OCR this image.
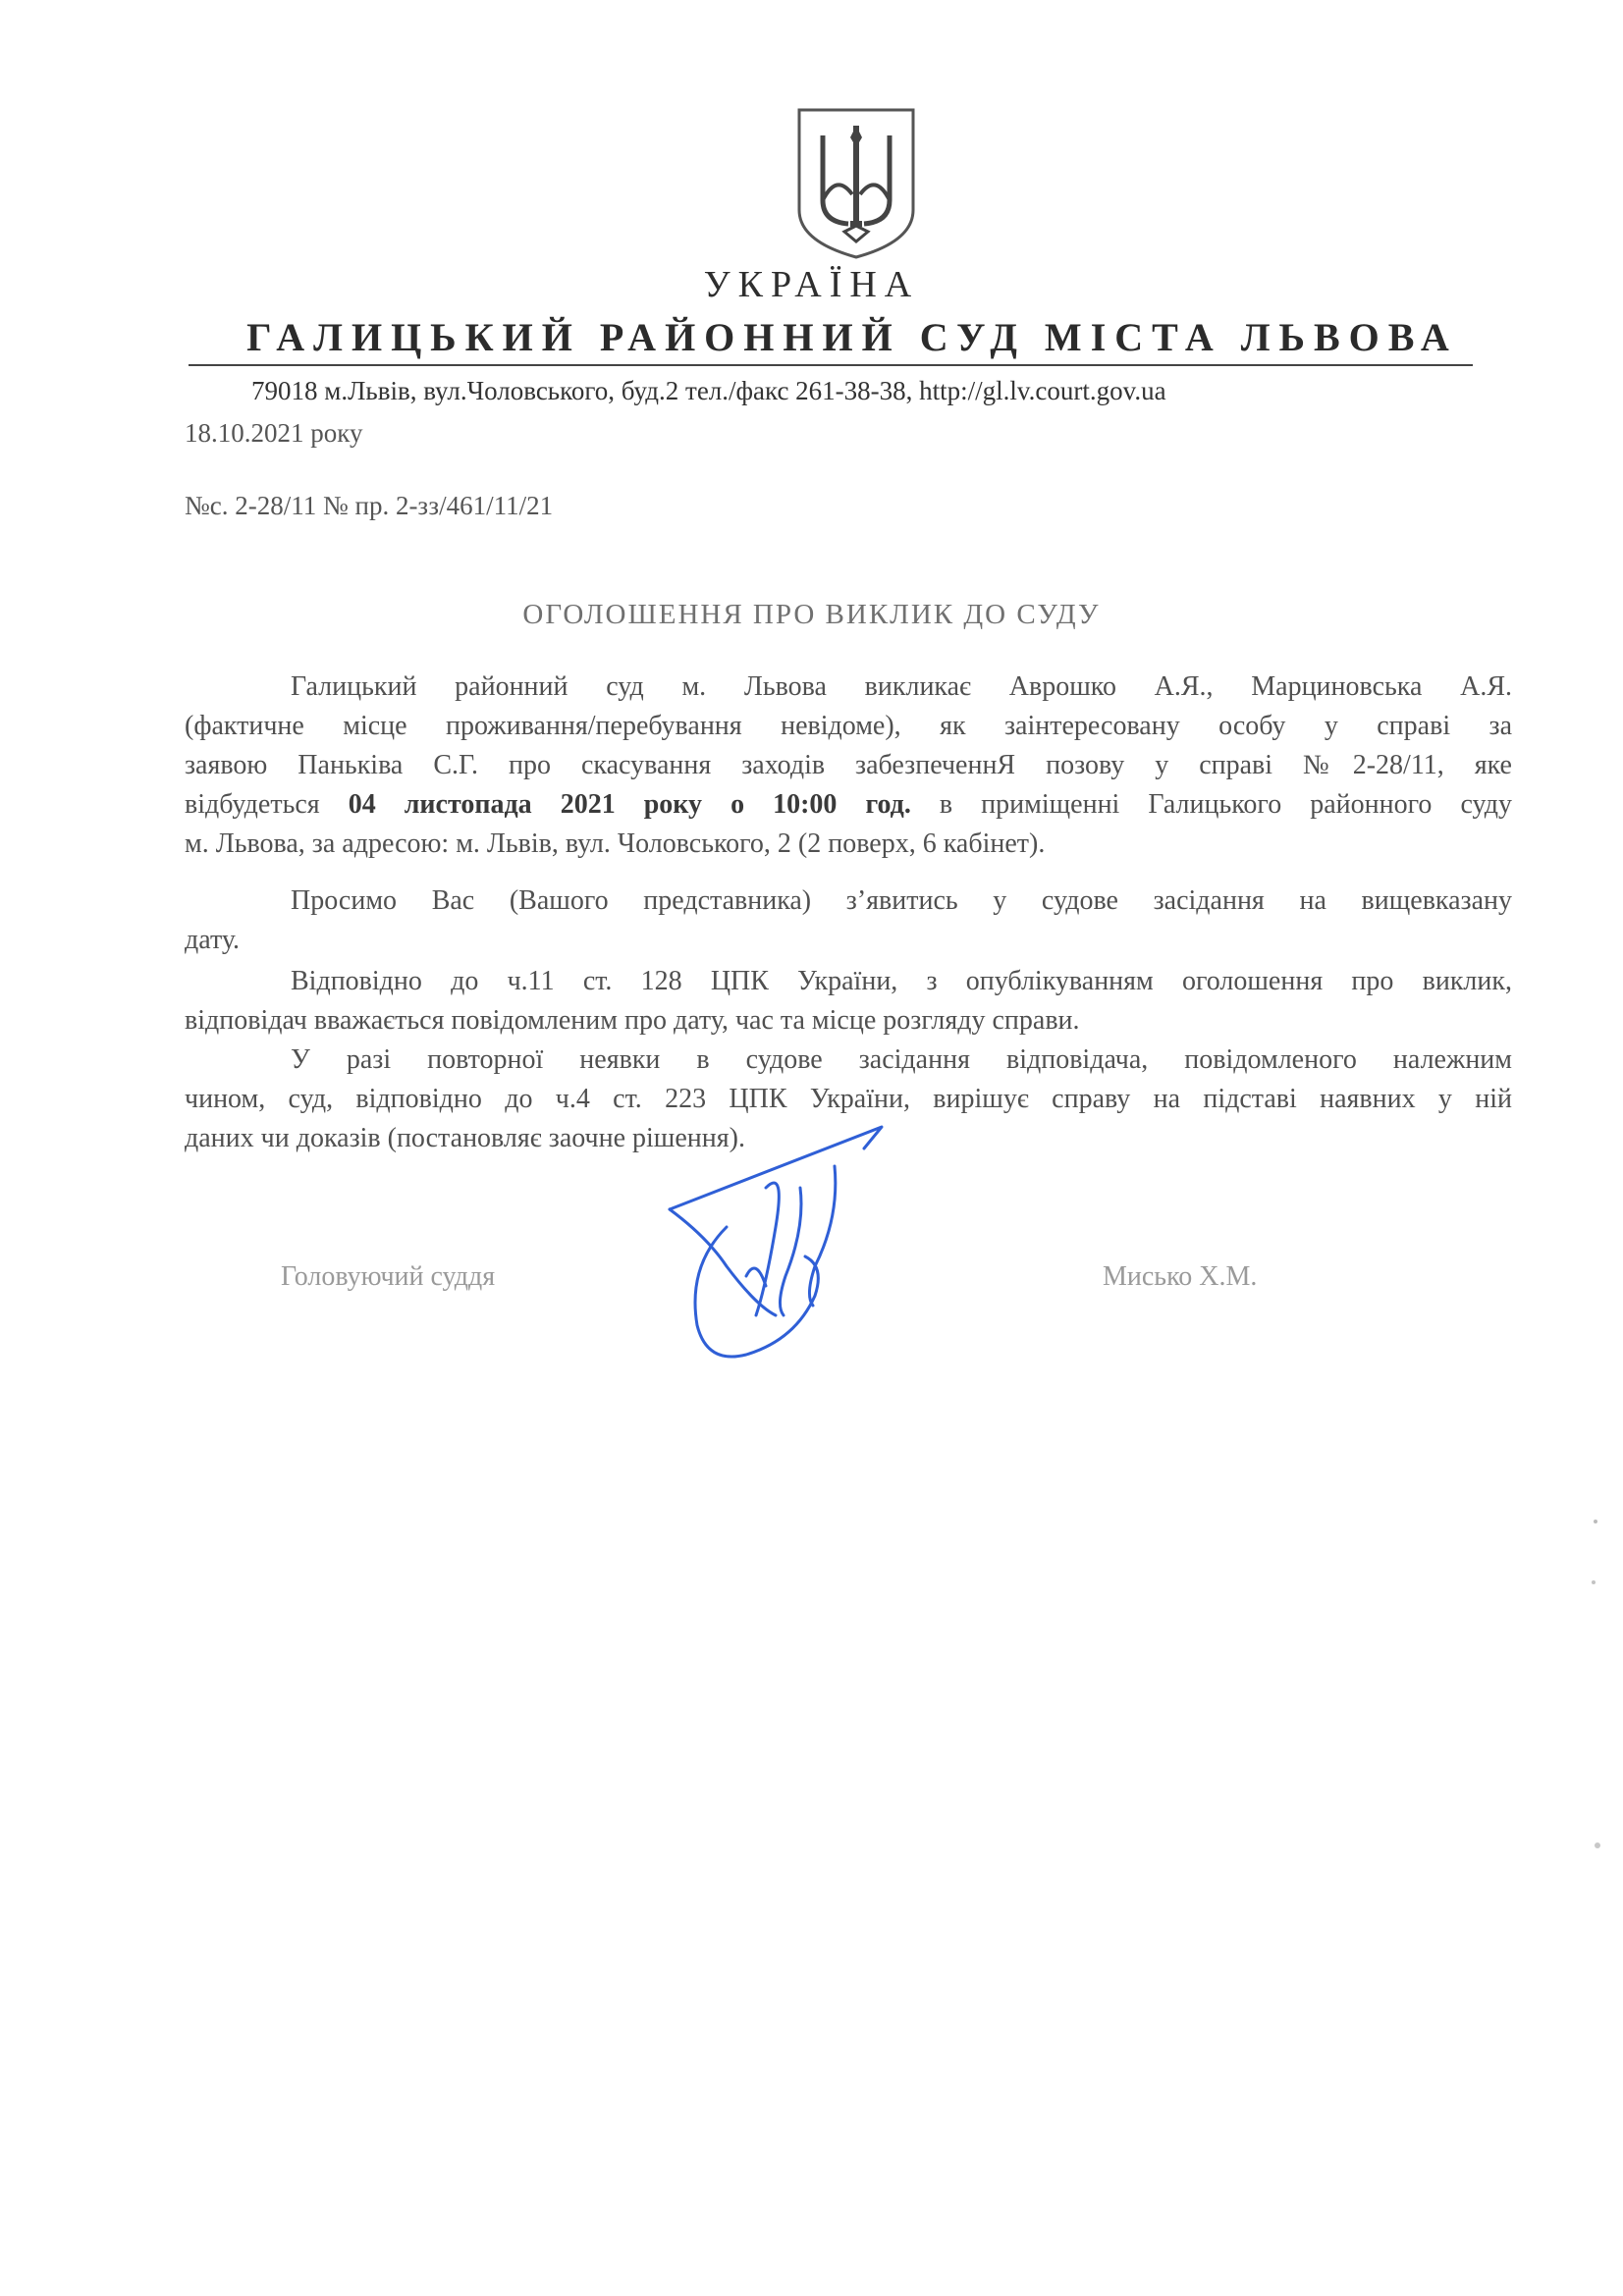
УКРАЇНА
ГАЛИЦЬКИЙ РАЙОННИЙ СУД МІСТА ЛЬВОВА
79018 м.Львів, вул.Чоловського, буд.2 тел./факс 261-38-38, http://gl.lv.court.gov.ua
18.10.2021 року
№с. 2-28/11 № пр. 2-зз/461/11/21
ОГОЛОШЕННЯ ПРО ВИКЛИК ДО СУДУ
Галицький районний суд м. Львова викликає Аврошко А.Я., Марциновська А.Я.
(фактичне місце проживання/перебування невідоме), як заінтересовану особу у справі за
заявою Паньківа С.Г. про скасування заходів забезпеченнЯ позову у справі №2-28/11, яке
відбудеться 04 листопада 2021 року о 10:00 год. в приміщенні Галицького районного суду
м. Львова, за адресою: м. Львів, вул. Чоловського, 2 (2 поверх, 6 кабінет).
Просимо Вас (Вашого представника) з’явитись у судове засідання на вищевказану
дату.
Відповідно до ч.11 ст. 128 ЦПК України, з опублікуванням оголошення про виклик,
відповідач вважається повідомленим про дату, час та місце розгляду справи.
У разі повторної неявки в судове засідання відповідача, повідомленого належним
чином, суд, відповідно до ч.4 ст. 223 ЦПК України, вирішує справу на підставі наявних у ній
даних чи доказів (постановляє заочне рішення).
Головуючий суддя	Мисько Х.М.
